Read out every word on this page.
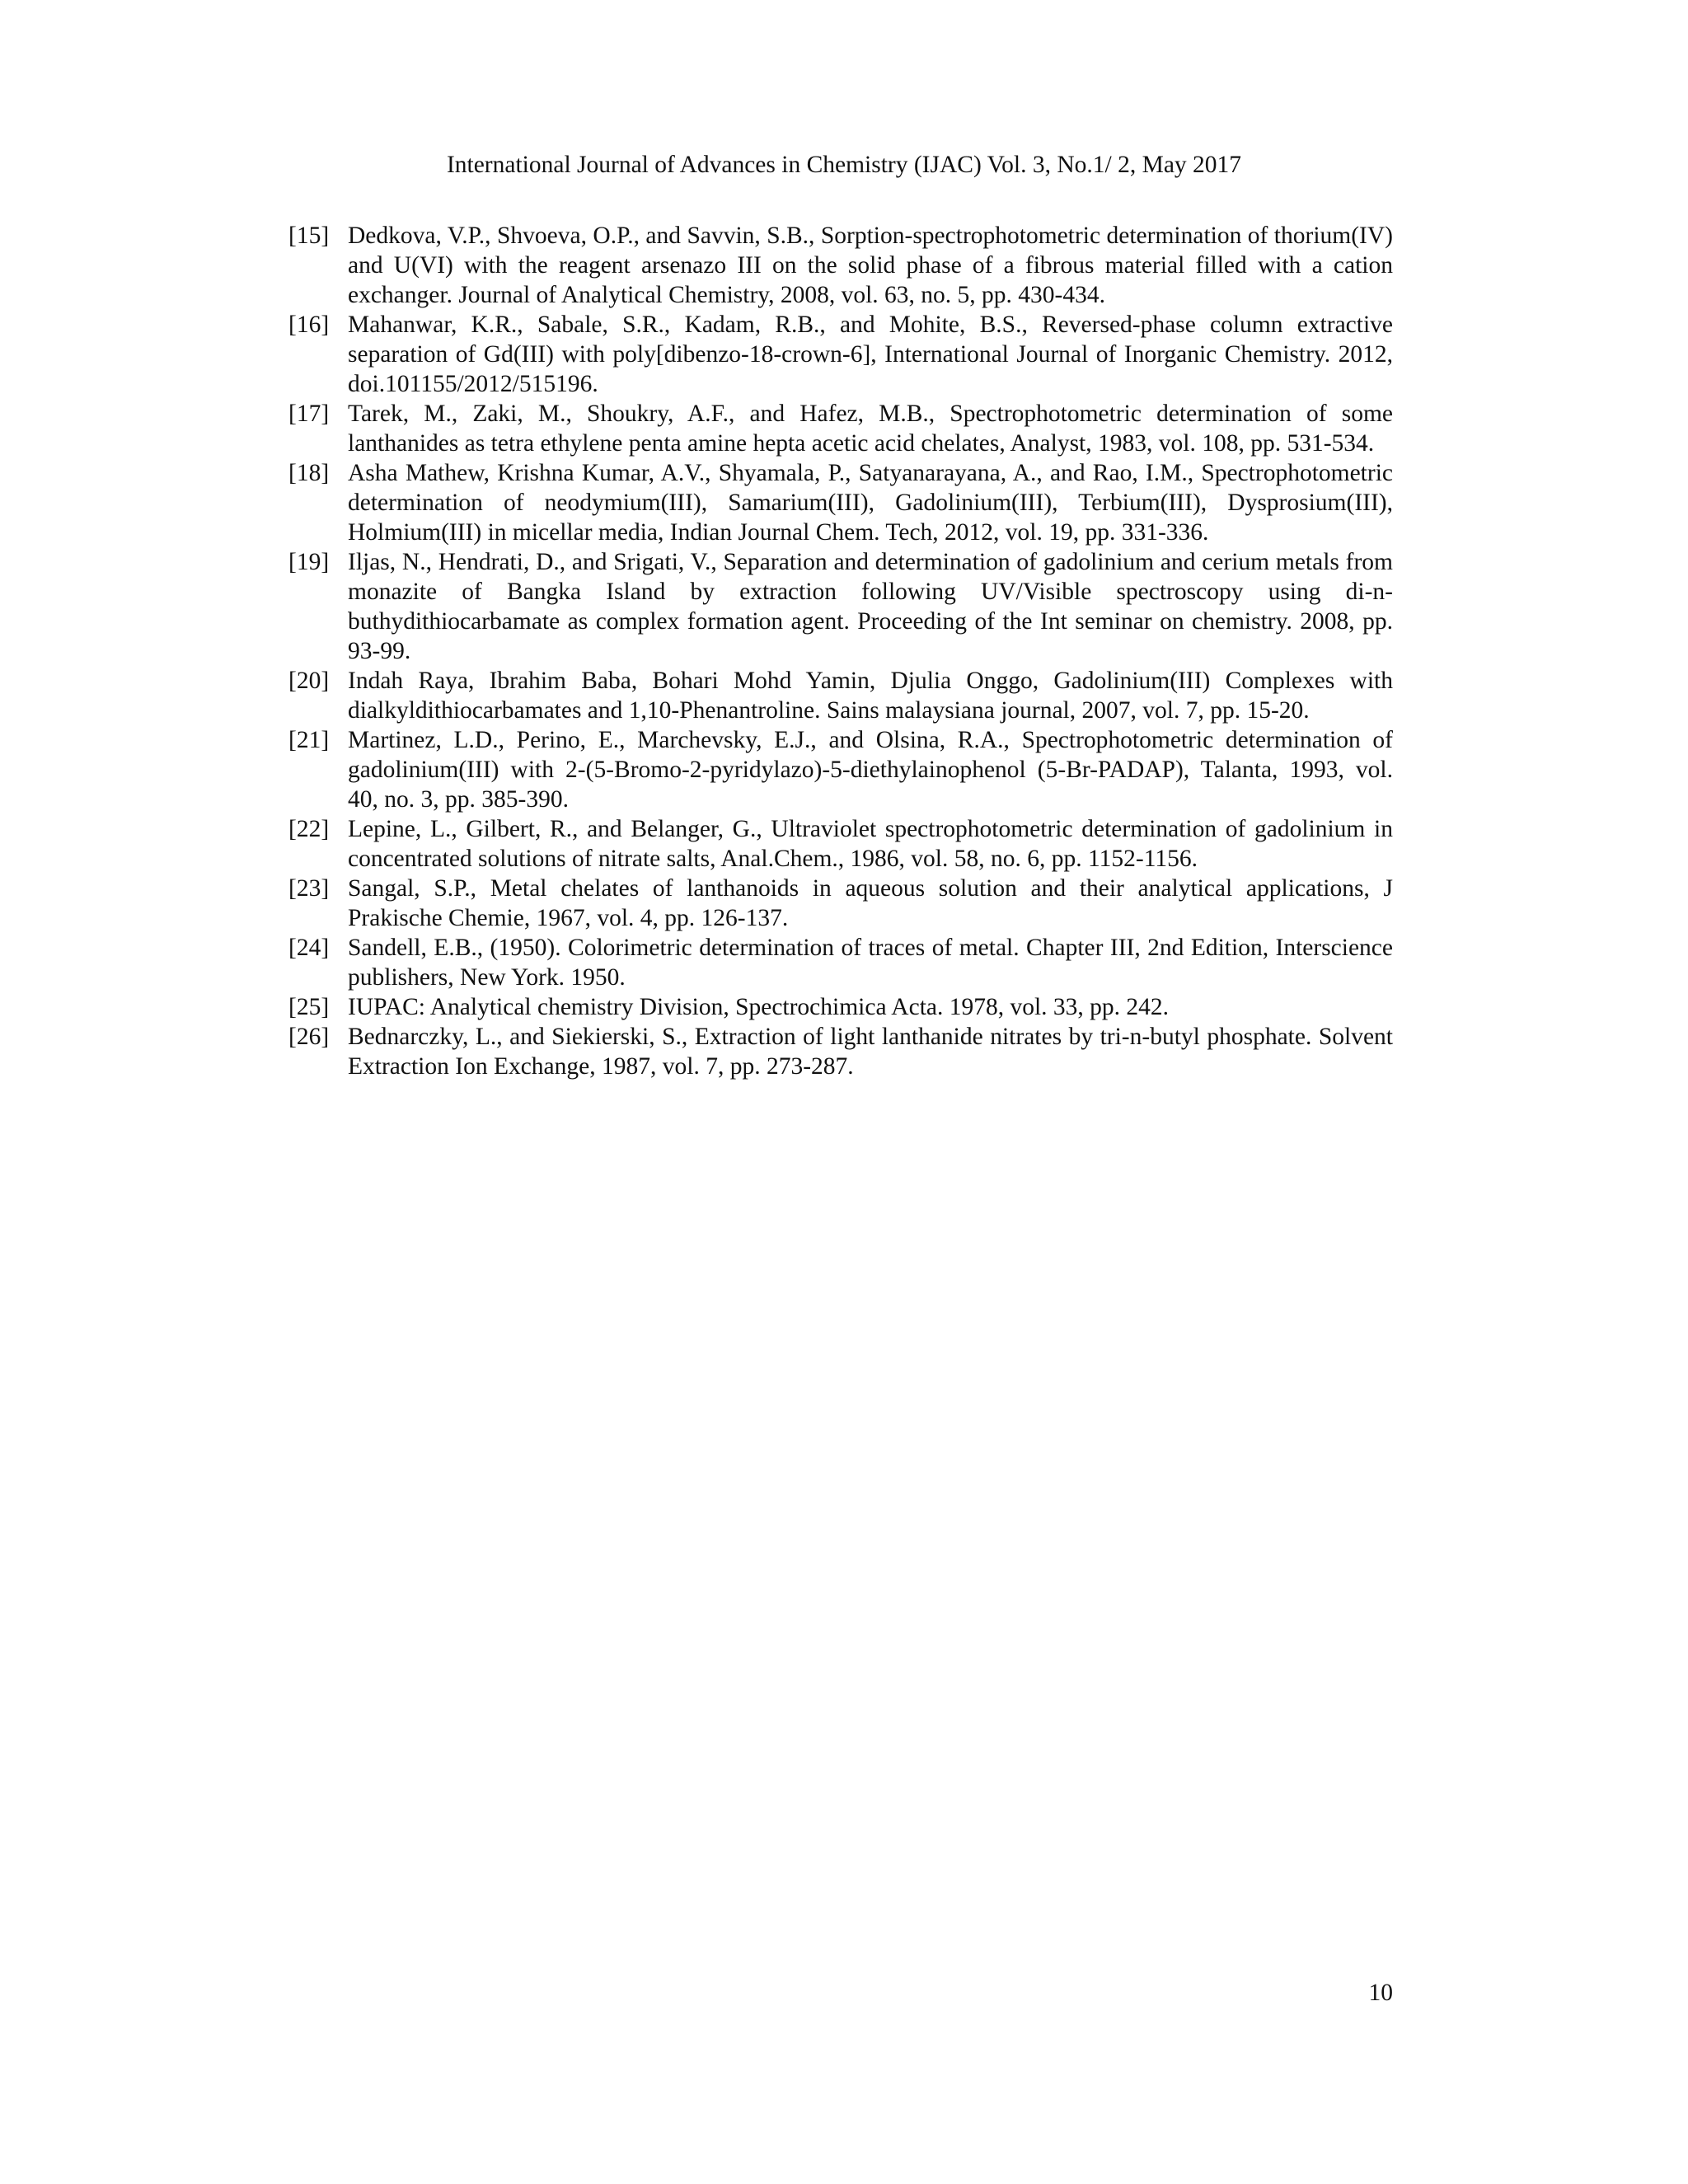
International Journal of Advances in Chemistry (IJAC) Vol. 3, No.1/ 2, May 2017
[15] Dedkova, V.P., Shvoeva, O.P., and Savvin, S.B., Sorption-spectrophotometric determination of thorium(IV) and U(VI) with the reagent arsenazo III on the solid phase of a fibrous material filled with a cation exchanger. Journal of Analytical Chemistry, 2008, vol. 63, no. 5, pp. 430-434.
[16] Mahanwar, K.R., Sabale, S.R., Kadam, R.B., and Mohite, B.S., Reversed-phase column extractive separation of Gd(III) with poly[dibenzo-18-crown-6], International Journal of Inorganic Chemistry. 2012, doi.101155/2012/515196.
[17] Tarek, M., Zaki, M., Shoukry, A.F., and Hafez, M.B., Spectrophotometric determination of some lanthanides as tetra ethylene penta amine hepta acetic acid chelates, Analyst, 1983, vol. 108, pp. 531-534.
[18] Asha Mathew, Krishna Kumar, A.V., Shyamala, P., Satyanarayana, A., and Rao, I.M., Spectrophotometric determination of neodymium(III), Samarium(III), Gadolinium(III), Terbium(III), Dysprosium(III), Holmium(III) in micellar media, Indian Journal Chem. Tech, 2012, vol. 19, pp. 331-336.
[19] Iljas, N., Hendrati, D., and Srigati, V., Separation and determination of gadolinium and cerium metals from monazite of Bangka Island by extraction following UV/Visible spectroscopy using di-n-buthydithiocarbamate as complex formation agent. Proceeding of the Int seminar on chemistry. 2008, pp. 93-99.
[20] Indah Raya, Ibrahim Baba, Bohari Mohd Yamin, Djulia Onggo, Gadolinium(III) Complexes with dialkyldithiocarbamates and 1,10-Phenantroline. Sains malaysiana journal, 2007, vol. 7, pp. 15-20.
[21] Martinez, L.D., Perino, E., Marchevsky, E.J., and Olsina, R.A., Spectrophotometric determination of gadolinium(III) with 2-(5-Bromo-2-pyridylazo)-5-diethylainophenol (5-Br-PADAP), Talanta, 1993, vol. 40, no. 3, pp. 385-390.
[22] Lepine, L., Gilbert, R., and Belanger, G., Ultraviolet spectrophotometric determination of gadolinium in concentrated solutions of nitrate salts, Anal.Chem., 1986, vol. 58, no. 6, pp. 1152-1156.
[23] Sangal, S.P., Metal chelates of lanthanoids in aqueous solution and their analytical applications, J Prakische Chemie, 1967, vol. 4, pp. 126-137.
[24] Sandell, E.B., (1950). Colorimetric determination of traces of metal. Chapter III, 2nd Edition, Interscience publishers, New York. 1950.
[25] IUPAC: Analytical chemistry Division, Spectrochimica Acta. 1978, vol. 33, pp. 242.
[26] Bednarczky, L., and Siekierski, S., Extraction of light lanthanide nitrates by tri-n-butyl phosphate. Solvent Extraction Ion Exchange, 1987, vol. 7, pp. 273-287.
10
